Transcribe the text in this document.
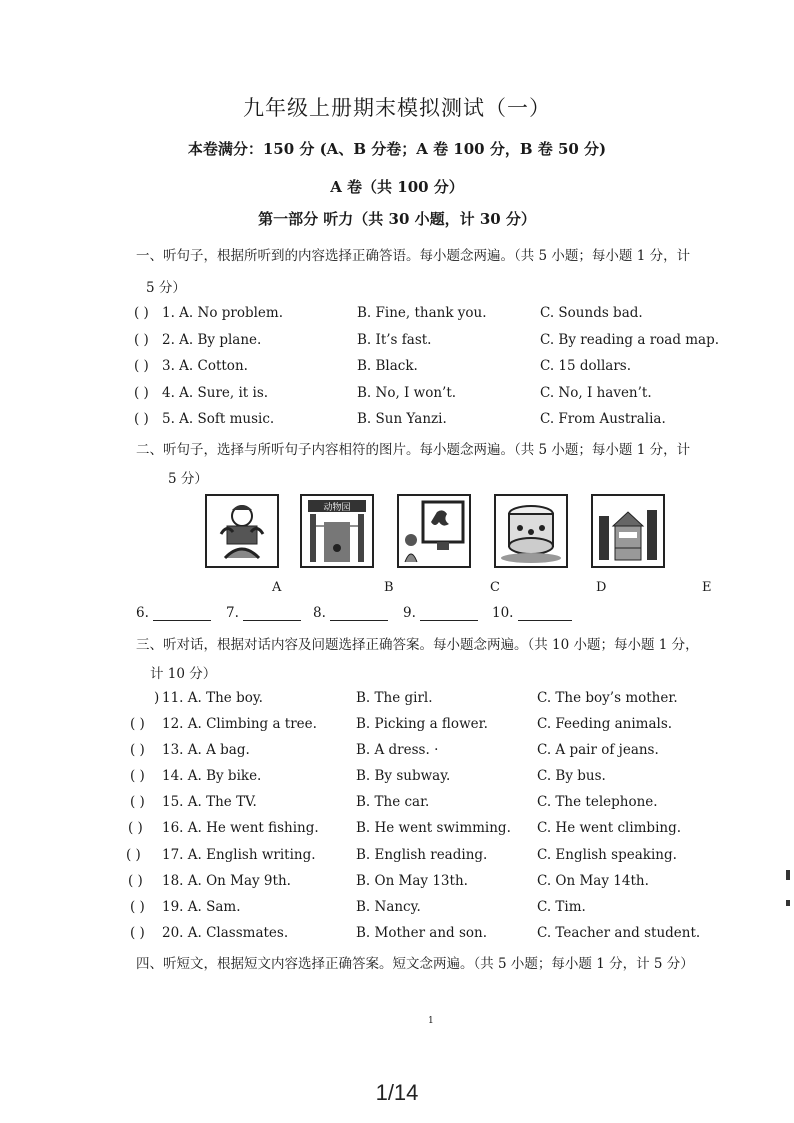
九年级上册期末模拟测试（一）
本卷满分：150 分 (A、B 分卷；A 卷 100 分，B 卷 50 分)
A 卷（共 100 分）
第一部分 听力（共 30 小题，计 30 分）
一、听句子，根据所听到的内容选择正确答语。每小题念两遍。（共 5 小题；每小题 1 分，计
5 分）
( ) 1. A. No problem.	B. Fine, thank you.	C. Sounds bad.
( ) 2. A. By plane.	B. It’s fast.	C. By reading a road map.
( ) 3. A. Cotton.	B. Black.	C. 15 dollars.
( ) 4. A. Sure, it is.	B. No, I won’t.	C. No, I haven’t.
( ) 5. A. Soft music.	B. Sun Yanzi.	C. From Australia.
二、听句子，选择与所听句子内容相符的图片。每小题念两遍。（共 5 小题；每小题 1 分，计
5 分）
动物园
A	B	C	D	E
6.	7.	8.	9.	10.
三、听对话，根据对话内容及问题选择正确答案。每小题念两遍。（共 10 小题；每小题 1 分，
计 10 分）
) 11. A. The boy.	B. The girl.	C. The boy’s mother.
( ) 12. A. Climbing a tree.	B. Picking a flower.	C. Feeding animals.
( ) 13. A. A bag.	B. A dress. ·	C. A pair of jeans.
( ) 14. A. By bike.	B. By subway.	C. By bus.
( ) 15. A. The TV.	B. The car.	C. The telephone.
( ) 16. A. He went fishing.	B. He went swimming. C. He went climbing.
( ) 17. A. English writing.	B. English reading.	C. English speaking.
( ) 18. A. On May 9th.	B. On May 13th.	C. On May 14th.
( ) 19. A. Sam.	B. Nancy.	C. Tim.
( ) 20. A. Classmates.	B. Mother and son.	C. Teacher and student.
四、听短文，根据短文内容选择正确答案。短文念两遍。（共 5 小题；每小题 1 分，计 5 分）
1
1/14
